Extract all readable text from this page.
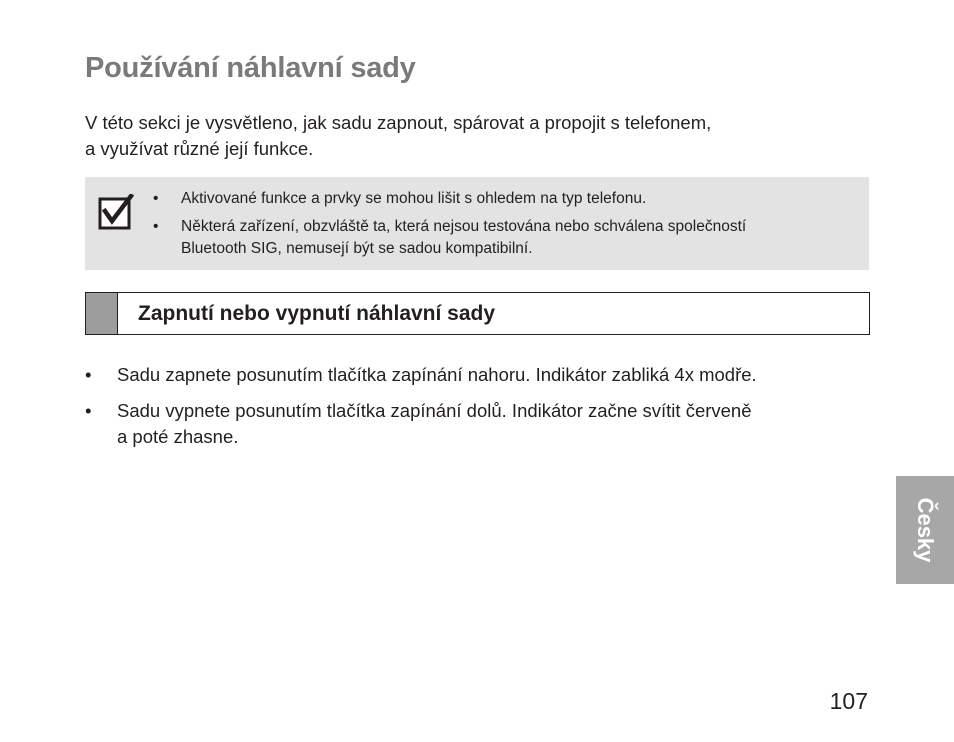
Používání náhlavní sady

V této sekci je vysvětleno, jak sadu zapnout, spárovat a propojit s telefonem,
a využívat různé její funkce.

• Aktivované funkce a prvky se mohou lišit s ohledem na typ telefonu.
• Některá zařízení, obzvláště ta, která nejsou testována nebo schválena společností
Bluetooth SIG, nemusejí být se sadou kompatibilní.
Zapnutí nebo vypnutí náhlavní sady
• Sadu zapnete posunutím tlačítka zapínání nahoru. Indikátor zabliká 4x modře.
• Sadu vypnete posunutím tlačítka zapínání dolů. Indikátor začne svítit červeně
a poté zhasne.
Česky
107
